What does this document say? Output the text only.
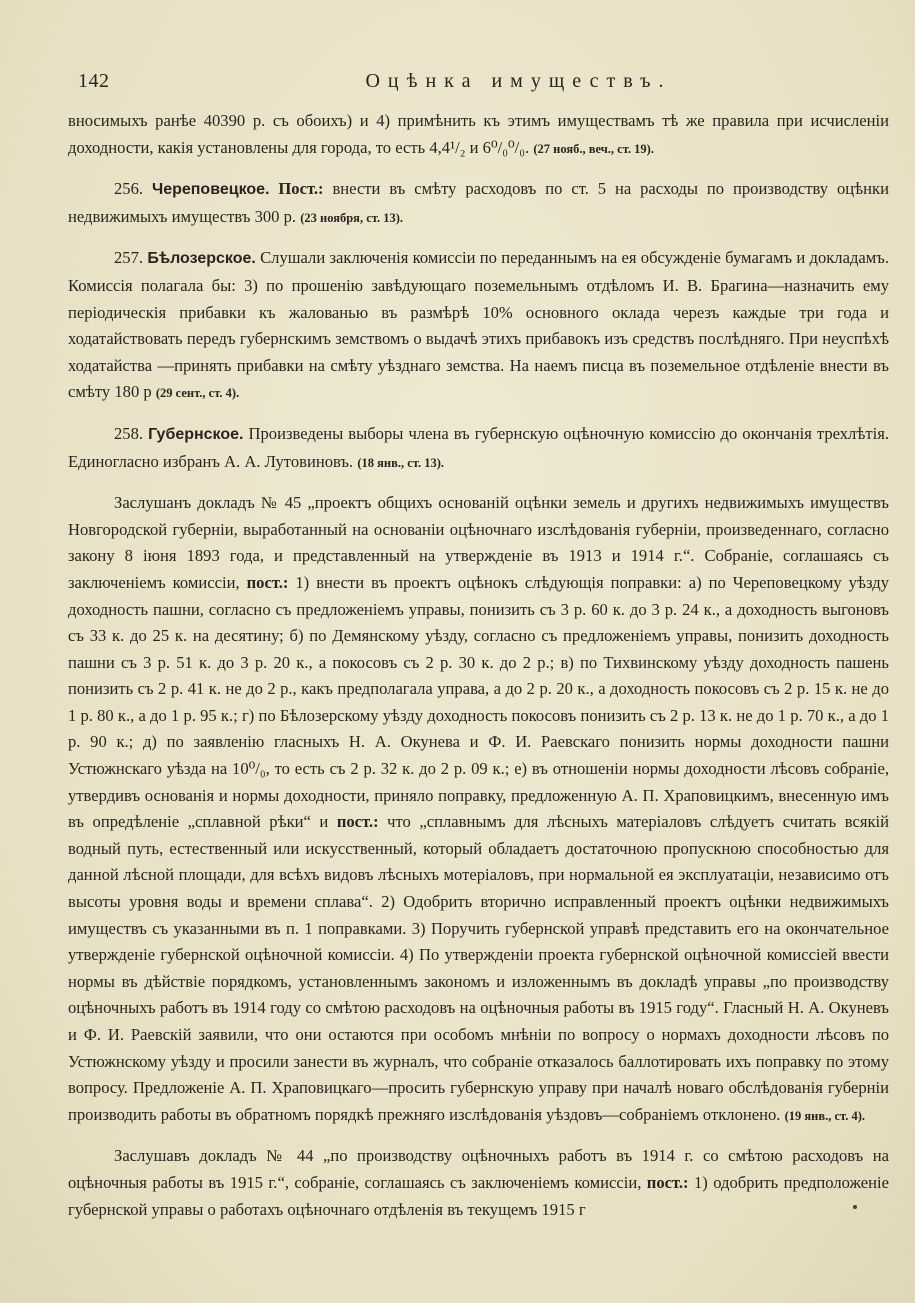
142	Оцѣнка имуществъ.

вносимыхъ ранѣе 40390 р. съ обоихъ) и 4) примѣнить къ этимъ имуществамъ тѣ же правила при исчисленіи доходности, какія установлены для города, то есть 4,4¹/₂ и 6⁰/₀⁰/₀. (27 нояб., веч., ст. 19).

256. Череповецкое. Пост.: внести въ смѣту расходовъ по ст. 5 на расходы по производству оцѣнки недвижимыхъ имуществъ 300 р. (23 ноября, ст. 13).

257. Бѣлозерское. Слушали заключенія комиссіи по переданнымъ на ея обсужденіе бумагамъ и докладамъ. Комиссія полагала бы: 3) по прошенію завѣдующаго поземельнымъ отдѣломъ И. В. Брагина—назначить ему періодическія прибавки къ жалованью въ размѣрѣ 10% основного оклада черезъ каждые три года и ходатайствовать передъ губернскимъ земствомъ о выдачѣ этихъ прибавокъ изъ средствъ послѣдняго. При неуспѣхѣ ходатайства —принять прибавки на смѣту уѣзднаго земства. На наемъ писца въ поземельное отдѣленіе внести въ смѣту 180 р (29 сент., ст. 4).

258. Губернское. Произведены выборы члена въ губернскую оцѣночную комиссію до окончанія трехлѣтія. Единогласно избранъ А. А. Лутовиновъ. (18 янв., ст. 13).

Заслушанъ докладъ № 45 „проектъ общихъ основаній оцѣнки земель и другихъ недвижимыхъ имуществъ Новгородской губерніи, выработанный на основаніи оцѣночнаго изслѣдованія губерніи, произведеннаго, согласно закону 8 іюня 1893 года, и представленный на утвержденіе въ 1913 и 1914 г.“. Собраніе, соглашаясь съ заключеніемъ комиссіи, пост.: 1) внести въ проектъ оцѣнокъ слѣдующія поправки: а) по Череповецкому уѣзду доходность пашни, согласно съ предложеніемъ управы, понизить съ 3 р. 60 к. до 3 р. 24 к., а доходность выгоновъ съ 33 к. до 25 к. на десятину; б) по Демянскому уѣзду, согласно съ предложеніемъ управы, понизить доходность пашни съ 3 р. 51 к. до 3 р. 20 к., а покосовъ съ 2 р. 30 к. до 2 р.; в) по Тихвинскому уѣзду доходность пашень понизить съ 2 р. 41 к. не до 2 р., какъ предполагала управа, а до 2 р. 20 к., а доходность покосовъ съ 2 р. 15 к. не до 1 р. 80 к., а до 1 р. 95 к.; г) по Бѣлозерскому уѣзду доходность покосовъ понизить съ 2 р. 13 к. не до 1 р. 70 к., а до 1 р. 90 к.; д) по заявленію гласныхъ Н. А. Окунева и Ф. И. Раевскаго понизить нормы доходности пашни Устюжнскаго уѣзда на 10⁰/₀, то есть съ 2 р. 32 к. до 2 р. 09 к.; е) въ отношеніи нормы доходности лѣсовъ собраніе, утвердивъ основанія и нормы доходности, приняло поправку, предложенную А. П. Храповицкимъ, внесенную имъ въ опредѣленіе „сплавной рѣки“ и пост.: что „сплавнымъ для лѣсныхъ матеріаловъ слѣдуетъ считать всякій водный путь, естественный или искусственный, который обладаетъ достаточною пропускною способностью для данной лѣсной площади, для всѣхъ видовъ лѣсныхъ мотеріаловъ, при нормальной ея эксплуатаціи, независимо отъ высоты уровня воды и времени сплава“. 2) Одобрить вторично исправленный проектъ оцѣнки недвижимыхъ имуществъ съ указанными въ п. 1 поправками. 3) Поручить губернской управѣ представить его на окончательное утвержденіе губернской оцѣночной комиссіи. 4) По утвержденіи проекта губернской оцѣночной комиссіей ввести нормы въ дѣйствіе порядкомъ, установленнымъ закономъ и изложеннымъ въ докладѣ управы „по производству оцѣночныхъ работъ въ 1914 году со смѣтою расходовъ на оцѣночныя работы въ 1915 году“. Гласный Н. А. Окуневъ и Ф. И. Раевскій заявили, что они остаются при особомъ мнѣніи по вопросу о нормахъ доходности лѣсовъ по Устюжнскому уѣзду и просили занести въ журналъ, что собраніе отказалось баллотировать ихъ поправку по этому вопросу. Предложеніе А. П. Храповицкаго—просить губернскую управу при началѣ новаго обслѣдованія губерніи производить работы въ обратномъ порядкѣ прежняго изслѣдованія уѣздовъ—собраніемъ отклонено. (19 янв., ст. 4).

Заслушавъ докладъ № 44 „по производству оцѣночныхъ работъ въ 1914 г. со смѣтою расходовъ на оцѣночныя работы въ 1915 г.“, собраніе, соглашаясь съ заключеніемъ комиссіи, пост.: 1) одобрить предположеніе губернской управы о работахъ оцѣночнаго отдѣленія въ текущемъ 1915 г
